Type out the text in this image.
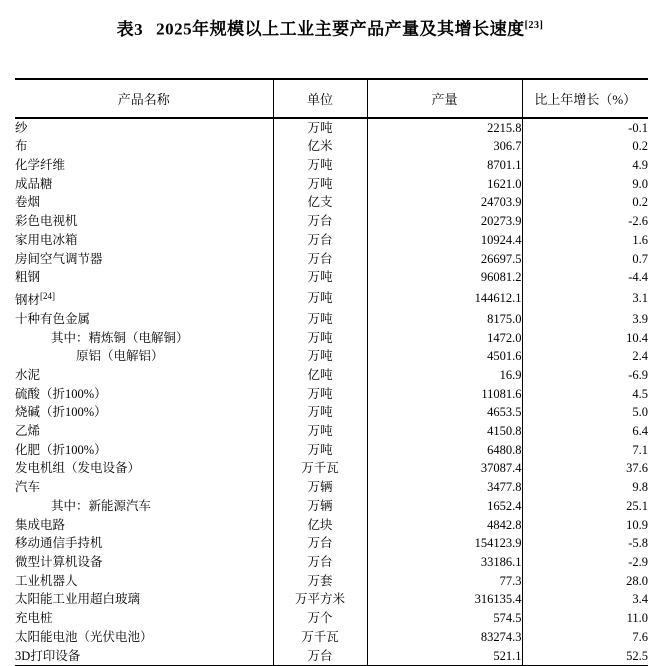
表3 2025年规模以上工业主要产品产量及其增长速度[23]
产品名称	单位	产量	比上年增长（%）
纱	万吨	2215.8	-0.1
布	亿米	306.7	0.2
化学纤维	万吨	8701.1	4.9
成品糖	万吨	1621.0	9.0
卷烟	亿支	24703.9	0.2
彩色电视机	万台	20273.9	-2.6
家用电冰箱	万台	10924.4	1.6
房间空气调节器	万台	26697.5	0.7
粗钢	万吨	96081.2	-4.4
钢材[24]	万吨	144612.1	3.1
十种有色金属	万吨	8175.0	3.9
其中：精炼铜（电解铜）	万吨	1472.0	10.4
原铝（电解铝）	万吨	4501.6	2.4
水泥	亿吨	16.9	-6.9
硫酸（折100%）	万吨	11081.6	4.5
烧碱（折100%）	万吨	4653.5	5.0
乙烯	万吨	4150.8	6.4
化肥（折100%）	万吨	6480.8	7.1
发电机组（发电设备）	万千瓦	37087.4	37.6
汽车	万辆	3477.8	9.8
其中：新能源汽车	万辆	1652.4	25.1
集成电路	亿块	4842.8	10.9
移动通信手持机	万台	154123.9	-5.8
微型计算机设备	万台	33186.1	-2.9
工业机器人	万套	77.3	28.0
太阳能工业用超白玻璃	万平方米	316135.4	3.4
充电桩	万个	574.5	11.0
太阳能电池（光伏电池）	万千瓦	83274.3	7.6
3D打印设备	万台	521.1	52.5
